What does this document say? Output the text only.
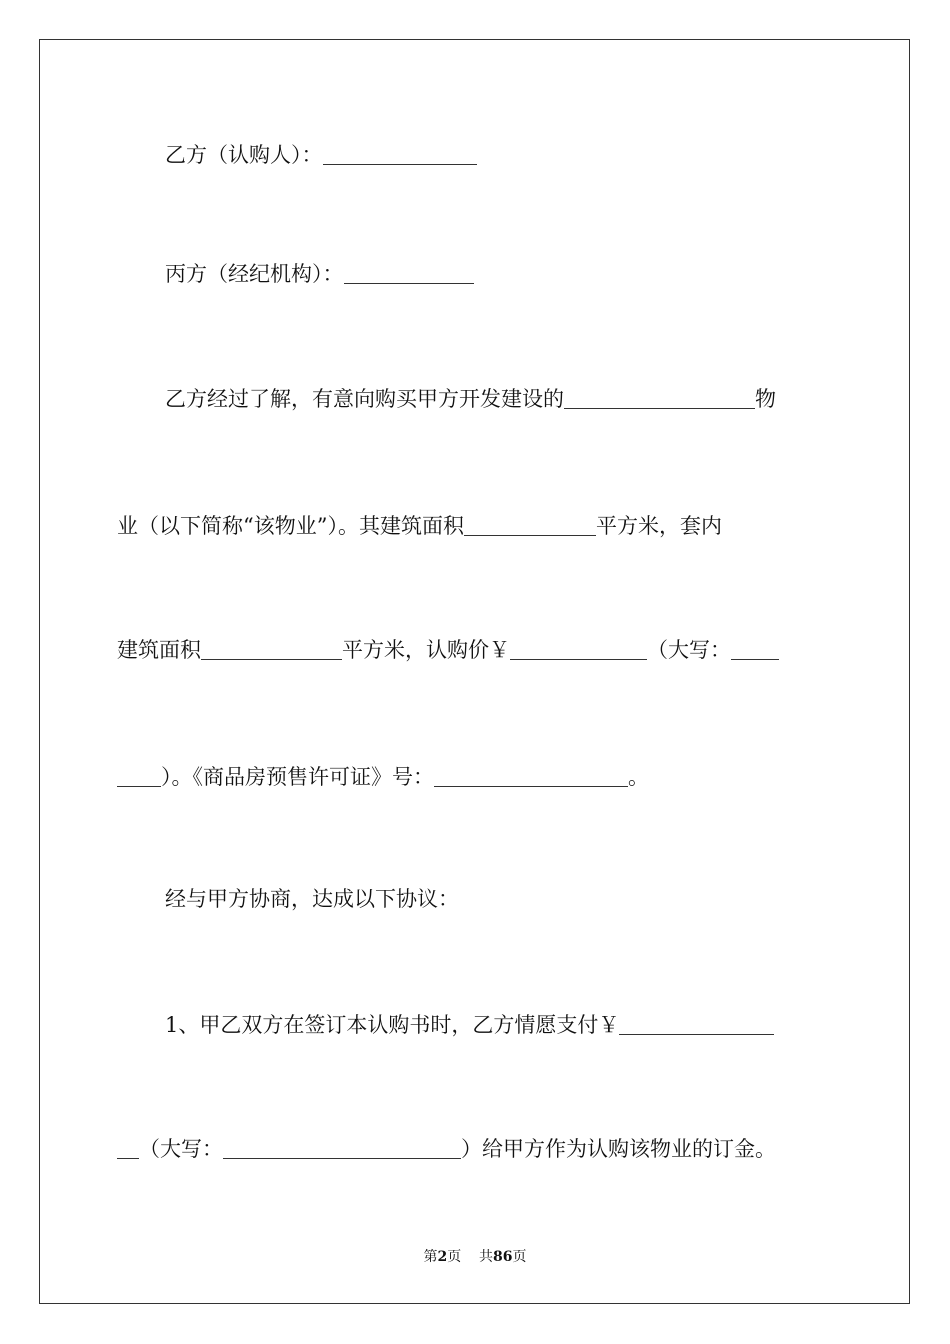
乙方（认购人）：
丙方（经纪机构）：
乙方经过了解，有意向购买甲方开发建设的	物
业（以下简称“该物业”）。其建筑面积	平方米，套内
建筑面积	平方米，认购价￥	（大写：
）。《商品房预售许可证》号：	。
经与甲方协商，达成以下协议：
1、甲乙双方在签订本认购书时，乙方情愿支付￥
（大写：	）给甲方作为认购该物业的订金。
第2页 共86页
